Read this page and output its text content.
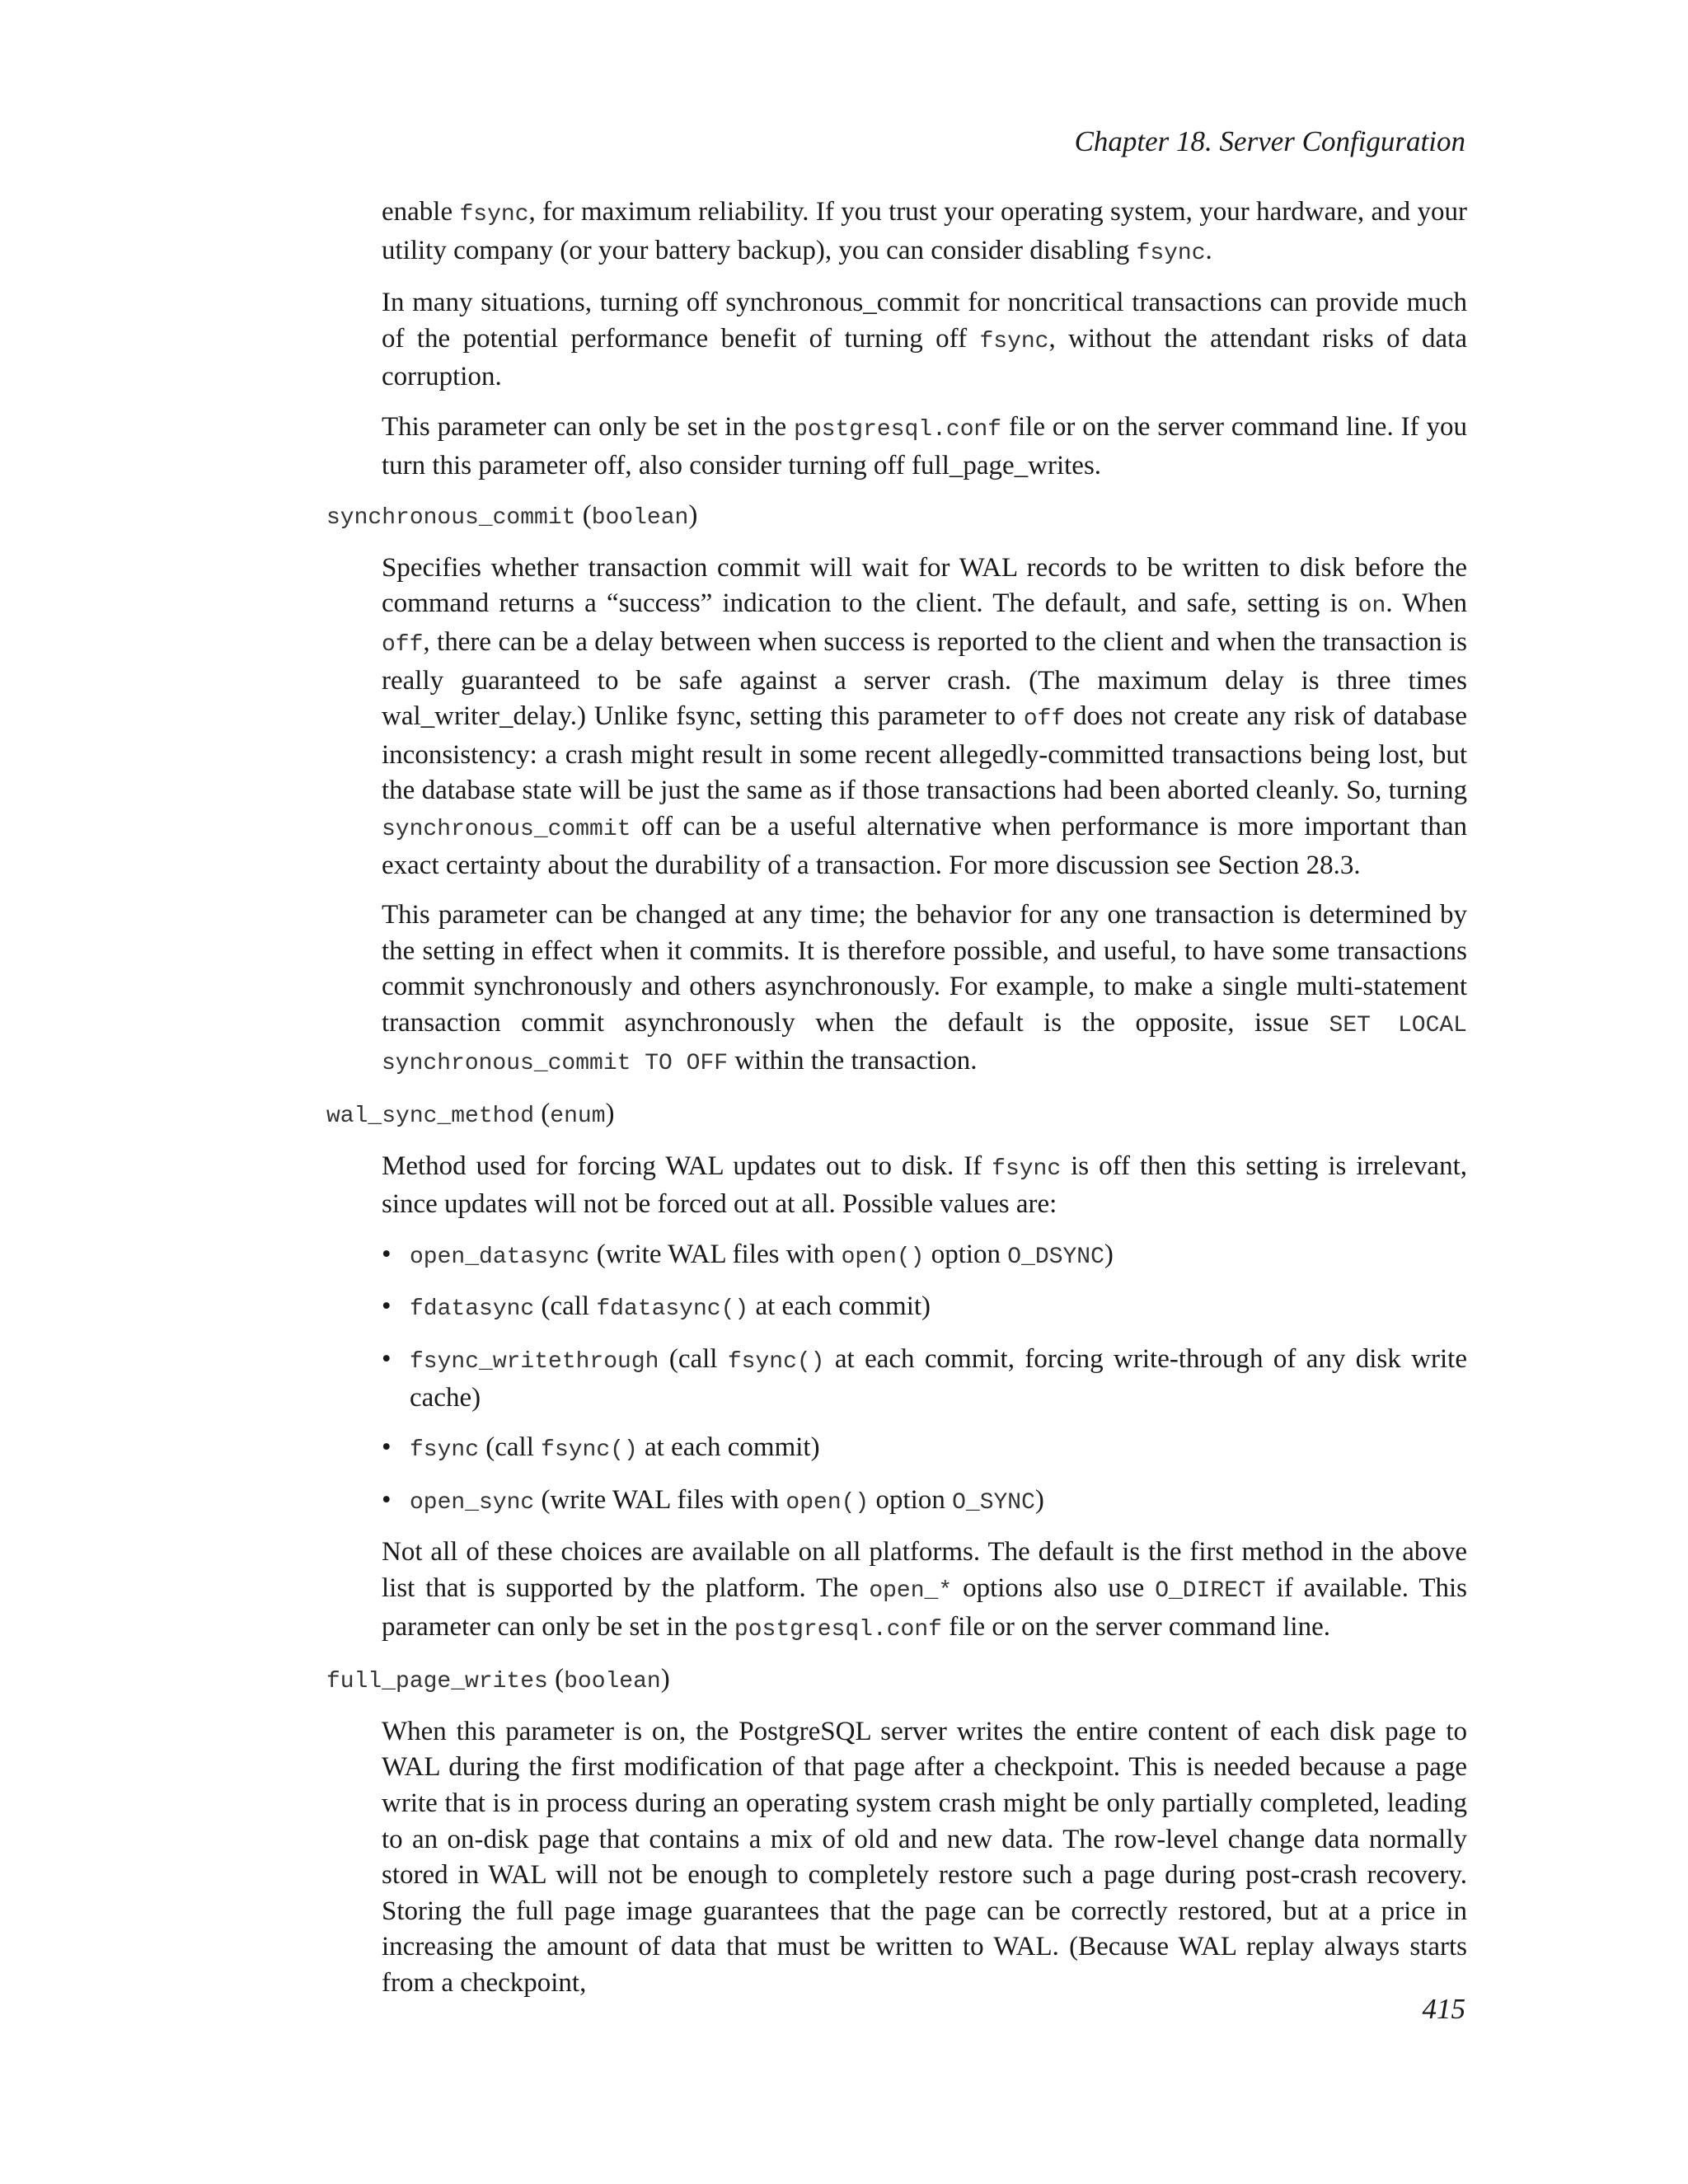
Chapter 18. Server Configuration

enable fsync, for maximum reliability. If you trust your operating system, your hardware, and your utility company (or your battery backup), you can consider disabling fsync.

In many situations, turning off synchronous_commit for noncritical transactions can provide much of the potential performance benefit of turning off fsync, without the attendant risks of data corruption.

This parameter can only be set in the postgresql.conf file or on the server command line. If you turn this parameter off, also consider turning off full_page_writes.

synchronous_commit (boolean)

Specifies whether transaction commit will wait for WAL records to be written to disk before the command returns a “success” indication to the client. The default, and safe, setting is on. When off, there can be a delay between when success is reported to the client and when the transaction is really guaranteed to be safe against a server crash. (The maximum delay is three times wal_writer_delay.) Unlike fsync, setting this parameter to off does not create any risk of database inconsistency: a crash might result in some recent allegedly-committed transactions being lost, but the database state will be just the same as if those transactions had been aborted cleanly. So, turning synchronous_commit off can be a useful alternative when performance is more important than exact certainty about the durability of a transaction. For more discussion see Section 28.3.

This parameter can be changed at any time; the behavior for any one transaction is determined by the setting in effect when it commits. It is therefore possible, and useful, to have some transactions commit synchronously and others asynchronously. For example, to make a single multi-statement transaction commit asynchronously when the default is the opposite, issue SET LOCAL synchronous_commit TO OFF within the transaction.

wal_sync_method (enum)

Method used for forcing WAL updates out to disk. If fsync is off then this setting is irrelevant, since updates will not be forced out at all. Possible values are:

• open_datasync (write WAL files with open() option O_DSYNC)
• fdatasync (call fdatasync() at each commit)
• fsync_writethrough (call fsync() at each commit, forcing write-through of any disk write cache)
• fsync (call fsync() at each commit)
• open_sync (write WAL files with open() option O_SYNC)

Not all of these choices are available on all platforms. The default is the first method in the above list that is supported by the platform. The open_* options also use O_DIRECT if available. This parameter can only be set in the postgresql.conf file or on the server command line.

full_page_writes (boolean)

When this parameter is on, the PostgreSQL server writes the entire content of each disk page to WAL during the first modification of that page after a checkpoint. This is needed because a page write that is in process during an operating system crash might be only partially completed, leading to an on-disk page that contains a mix of old and new data. The row-level change data normally stored in WAL will not be enough to completely restore such a page during post-crash recovery. Storing the full page image guarantees that the page can be correctly restored, but at a price in increasing the amount of data that must be written to WAL. (Because WAL replay always starts from a checkpoint,

415
